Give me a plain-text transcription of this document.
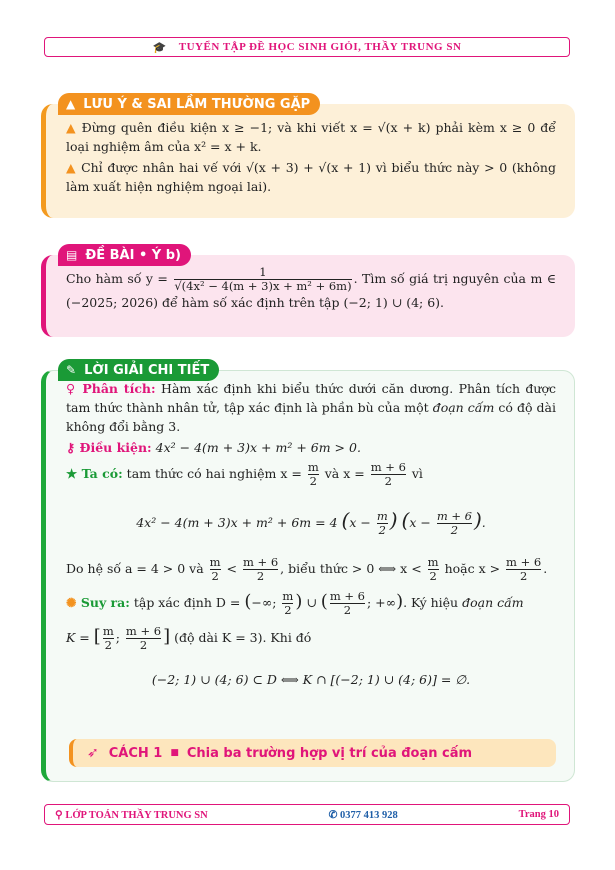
🎓 TUYỂN TẬP ĐỀ HỌC SINH GIỎI, THẦY TRUNG SN
▲ LƯU Ý & SAI LẦM THƯỜNG GẶP
▲ Đừng quên điều kiện x ≥ −1; và khi viết x = √(x + k) phải kèm x ≥ 0 để loại nghiệm âm của x² = x + k.
▲ Chỉ được nhân hai vế với √(x + 3) + √(x + 1) vì biểu thức này > 0 (không làm xuất hiện nghiệm ngoại lai).
▤ ĐỀ BÀI • Ý b)
Cho hàm số $y = \frac{1}{\text{√(4x² − 4(m + 3)x + m² + 6m)}}$ . Tìm số giá trị nguyên của m ∈ (−2025; 2026) để hàm số xác định trên tập (−2; 1) ∪ (4; 6).
✎ LỜI GIẢI CHI TIẾT
♀ Phân tích: Hàm xác định khi biểu thức dưới căn dương. Phân tích được tam thức thành nhân tử, tập xác định là phần bù của một đoạn cấm có độ dài không đổi bằng 3.
⚷ Điều kiện: 4x² − 4(m + 3)x + m² + 6m > 0.
★ Ta có: tam thức có hai nghiệm $x = \frac{m}{2}$ và $x = \frac{m + 6}{2}$ vì
4x² − 4(m + 3)x + m² + 6m = 4 ($x - \frac{m}{2}$ ) ($x - \frac{m + 6}{2}$ ).
Do hệ số a = 4 > 0 và $\frac{m}{2} < \frac{m + 6}{2}$ , biểu thức > 0 ⟺ $x < \frac{m}{2}$ hoặc $x > \frac{m + 6}{2}$ .
✺ Suy ra: tập xác định D = (−∞; $\frac{m}{2}$ ) ∪ ( $\frac{m + 6}{2}$ ; +∞). Ký hiệu đoạn cấm
K = [ $\frac{m}{2}$ ; $\frac{m + 6}{2}$ ] (độ dài K = 3). Khi đó
(−2; 1) ∪ (4; 6) ⊂ D ⟺ K ∩ [(−2; 1) ∪ (4; 6)] = ∅.
➶ CÁCH 1 ■ Chia ba trường hợp vị trí của đoạn cấm
⚲ LỚP TOÁN THẦY TRUNG SN	✆ 0377 413 928	Trang 10
